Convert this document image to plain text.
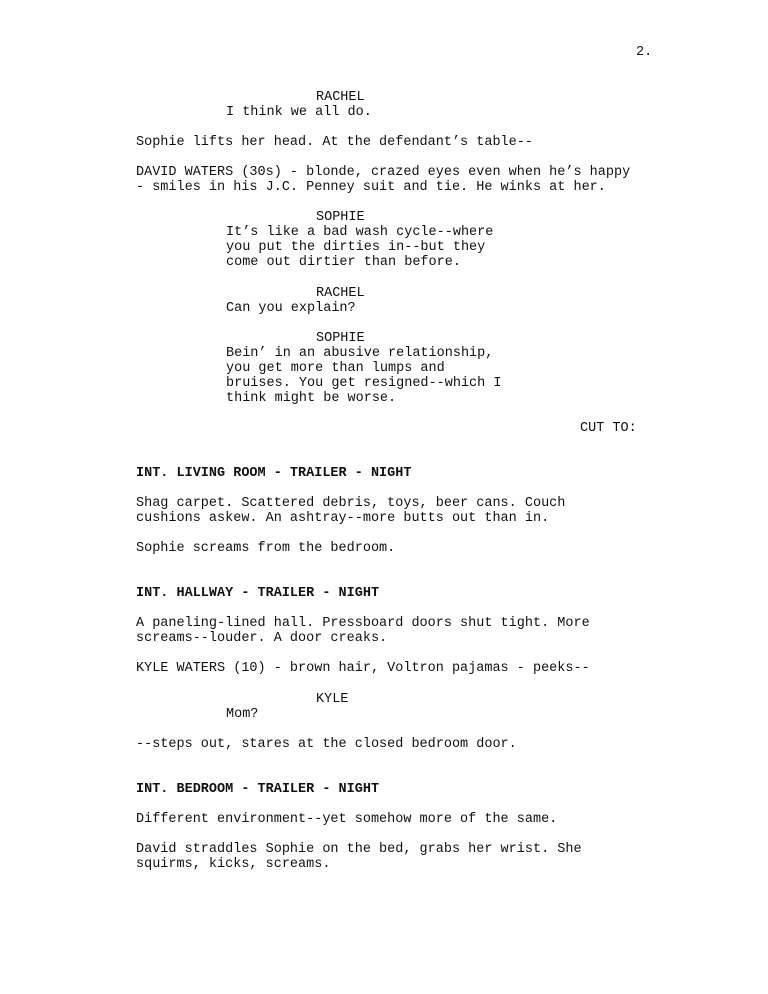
2.
RACHEL
I think we all do.
Sophie lifts her head. At the defendant’s table--
DAVID WATERS (30s) - blonde, crazed eyes even when he’s happy
- smiles in his J.C. Penney suit and tie. He winks at her.
SOPHIE
It’s like a bad wash cycle--where
you put the dirties in--but they
come out dirtier than before.
RACHEL
Can you explain?
SOPHIE
Bein’ in an abusive relationship,
you get more than lumps and
bruises. You get resigned--which I
think might be worse.
CUT TO:
INT. LIVING ROOM - TRAILER - NIGHT
Shag carpet. Scattered debris, toys, beer cans. Couch
cushions askew. An ashtray--more butts out than in.
Sophie screams from the bedroom.
INT. HALLWAY - TRAILER - NIGHT
A paneling-lined hall. Pressboard doors shut tight. More
screams--louder. A door creaks.
KYLE WATERS (10) - brown hair, Voltron pajamas - peeks--
KYLE
Mom?
--steps out, stares at the closed bedroom door.
INT. BEDROOM - TRAILER - NIGHT
Different environment--yet somehow more of the same.
David straddles Sophie on the bed, grabs her wrist. She
squirms, kicks, screams.
